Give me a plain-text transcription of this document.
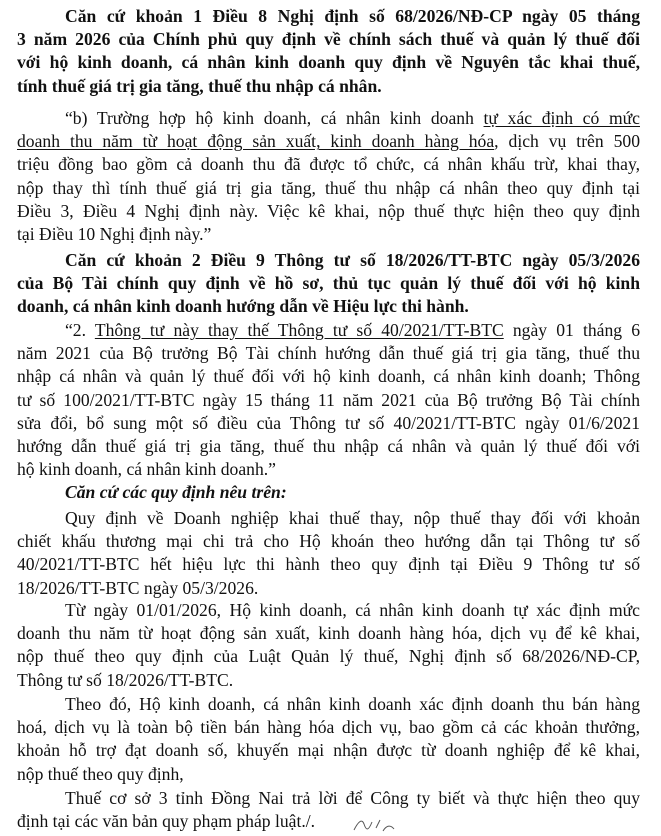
Căn cứ khoản 1 Điều 8 Nghị định số 68/2026/NĐ-CP ngày 05 tháng
3 năm 2026 của Chính phủ quy định về chính sách thuế và quản lý thuế đối
với hộ kinh doanh, cá nhân kinh doanh quy định về Nguyên tắc khai thuế,
tính thuế giá trị gia tăng, thuế thu nhập cá nhân.
“b) Trường hợp hộ kinh doanh, cá nhân kinh doanh tự xác định có mức
doanh thu năm từ hoạt động sản xuất, kinh doanh hàng hóa, dịch vụ trên 500
triệu đồng bao gồm cả doanh thu đã được tổ chức, cá nhân khấu trừ, khai thay,
nộp thay thì tính thuế giá trị gia tăng, thuế thu nhập cá nhân theo quy định tại
Điều 3, Điều 4 Nghị định này. Việc kê khai, nộp thuế thực hiện theo quy định
tại Điều 10 Nghị định này.”
Căn cứ khoản 2 Điều 9 Thông tư số 18/2026/TT-BTC ngày 05/3/2026
của Bộ Tài chính quy định về hồ sơ, thủ tục quản lý thuế đối với hộ kinh
doanh, cá nhân kinh doanh hướng dẫn về Hiệu lực thi hành.
“2. Thông tư này thay thế Thông tư số 40/2021/TT-BTC ngày 01 tháng 6
năm 2021 của Bộ trưởng Bộ Tài chính hướng dẫn thuế giá trị gia tăng, thuế thu
nhập cá nhân và quản lý thuế đối với hộ kinh doanh, cá nhân kinh doanh; Thông
tư số 100/2021/TT-BTC ngày 15 tháng 11 năm 2021 của Bộ trưởng Bộ Tài chính
sửa đổi, bổ sung một số điều của Thông tư số 40/2021/TT-BTC ngày 01/6/2021
hướng dẫn thuế giá trị gia tăng, thuế thu nhập cá nhân và quản lý thuế đối với
hộ kinh doanh, cá nhân kinh doanh.”
Căn cứ các quy định nêu trên:
Quy định về Doanh nghiệp khai thuế thay, nộp thuế thay đối với khoản
chiết khấu thương mại chi trả cho Hộ khoán theo hướng dẫn tại Thông tư số
40/2021/TT-BTC hết hiệu lực thi hành theo quy định tại Điều 9 Thông tư số
18/2026/TT-BTC ngày 05/3/2026.
Từ ngày 01/01/2026, Hộ kinh doanh, cá nhân kinh doanh tự xác định mức
doanh thu năm từ hoạt động sản xuất, kinh doanh hàng hóa, dịch vụ để kê khai,
nộp thuế theo quy định của Luật Quản lý thuế, Nghị định số 68/2026/NĐ-CP,
Thông tư số 18/2026/TT-BTC.
Theo đó, Hộ kinh doanh, cá nhân kinh doanh xác định doanh thu bán hàng
hoá, dịch vụ là toàn bộ tiền bán hàng hóa dịch vụ, bao gồm cả các khoản thưởng,
khoản hỗ trợ đạt doanh số, khuyến mại nhận được từ doanh nghiệp để kê khai,
nộp thuế theo quy định,
Thuế cơ sở 3 tỉnh Đồng Nai trả lời để Công ty biết và thực hiện theo quy
định tại các văn bản quy phạm pháp luật./.
